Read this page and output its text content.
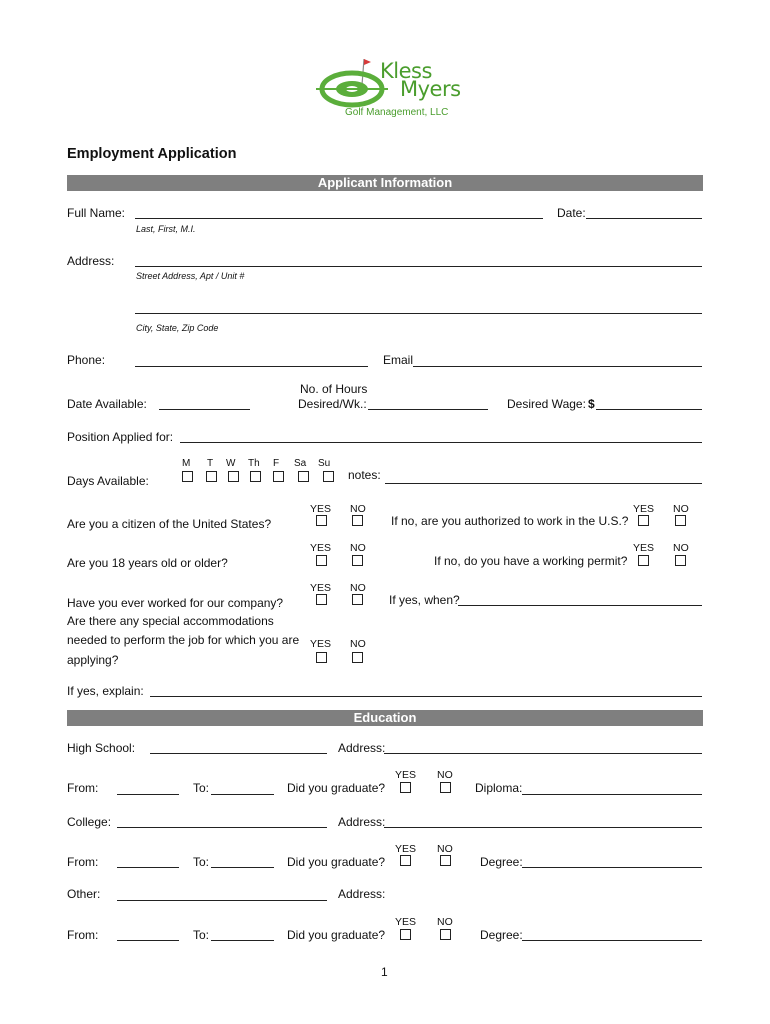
Kless
Myers
Golf Management, LLC
Employment Application
Applicant Information
Full Name:
Last, First, M.I.
Date:
Address:
Street Address, Apt / Unit #
City, State, Zip Code
Phone:	Email
No. of Hours
Date Available:	Desired/Wk.:	Desired Wage: $
Position Applied for:
M T W Th F Sa Su
Days Available:	notes:
YES NO
Are you a citizen of the United States?
YES NO
If no, are you authorized to work in the U.S.?
YES NO
Are you 18 years old or older?
YES NO
If no, do you have a working permit?
YES NO
Have you ever worked for our company?	If yes, when?
Are there any special accommodations
needed to perform the job for which you are
applying?
YES NO
If yes, explain:
Education
High School:	Address:
YES NO
From:	To:	Did you graduate?	Diploma:
College:	Address:
YES NO
From:	To:	Did you graduate?	Degree:
Other:	Address:
YES NO
From:	To:	Did you graduate?	Degree:
1
